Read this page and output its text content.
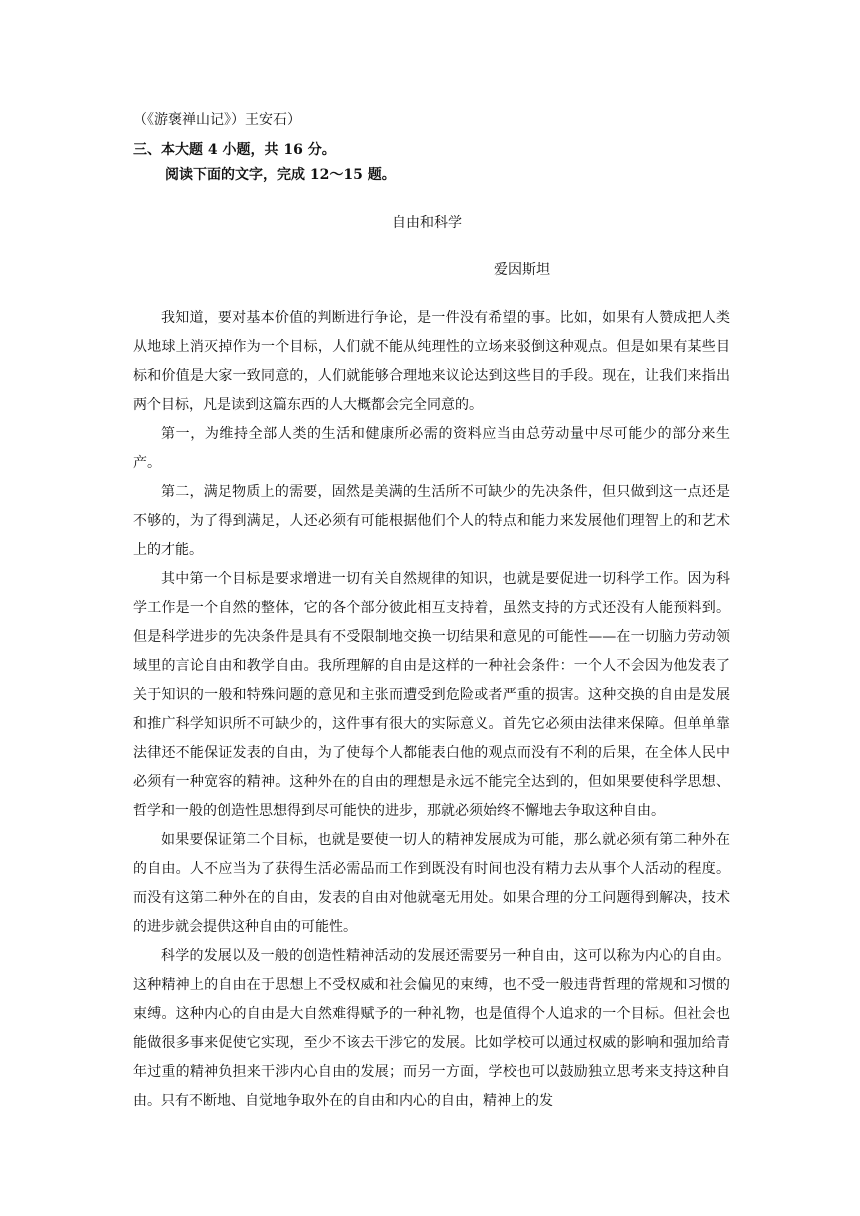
（《游褒禅山记》）王安石）
三、本大题 4 小题，共 16 分。
阅读下面的文字，完成 12～15 题。
自由和科学
爱因斯坦

我知道，要对基本价值的判断进行争论，是一件没有希望的事。比如，如果有人赞成把人类从地球上消灭掉作为一个目标，人们就不能从纯理性的立场来驳倒这种观点。但是如果有某些目标和价值是大家一致同意的，人们就能够合理地来议论达到这些目的手段。现在，让我们来指出两个目标，凡是读到这篇东西的人大概都会完全同意的。

第一，为维持全部人类的生活和健康所必需的资料应当由总劳动量中尽可能少的部分来生产。

第二，满足物质上的需要，固然是美满的生活所不可缺少的先决条件，但只做到这一点还是不够的，为了得到满足，人还必须有可能根据他们个人的特点和能力来发展他们理智上的和艺术上的才能。

其中第一个目标是要求增进一切有关自然规律的知识，也就是要促进一切科学工作。因为科学工作是一个自然的整体，它的各个部分彼此相互支持着，虽然支持的方式还没有人能预料到。但是科学进步的先决条件是具有不受限制地交换一切结果和意见的可能性——在一切脑力劳动领域里的言论自由和教学自由。我所理解的自由是这样的一种社会条件：一个人不会因为他发表了关于知识的一般和特殊问题的意见和主张而遭受到危险或者严重的损害。这种交换的自由是发展和推广科学知识所不可缺少的，这件事有很大的实际意义。首先它必须由法律来保障。但单单靠法律还不能保证发表的自由，为了使每个人都能表白他的观点而没有不利的后果，在全体人民中必须有一种宽容的精神。这种外在的自由的理想是永远不能完全达到的，但如果要使科学思想、哲学和一般的创造性思想得到尽可能快的进步，那就必须始终不懈地去争取这种自由。

如果要保证第二个目标，也就是要使一切人的精神发展成为可能，那么就必须有第二种外在的自由。人不应当为了获得生活必需品而工作到既没有时间也没有精力去从事个人活动的程度。而没有这第二种外在的自由，发表的自由对他就毫无用处。如果合理的分工问题得到解决，技术的进步就会提供这种自由的可能性。

科学的发展以及一般的创造性精神活动的发展还需要另一种自由，这可以称为内心的自由。这种精神上的自由在于思想上不受权威和社会偏见的束缚，也不受一般违背哲理的常规和习惯的束缚。这种内心的自由是大自然难得赋予的一种礼物，也是值得个人追求的一个目标。但社会也能做很多事来促使它实现，至少不该去干涉它的发展。比如学校可以通过权威的影响和强加给青年过重的精神负担来干涉内心自由的发展；而另一方面，学校也可以鼓励独立思考来支持这种自由。只有不断地、自觉地争取外在的自由和内心的自由，精神上的发
